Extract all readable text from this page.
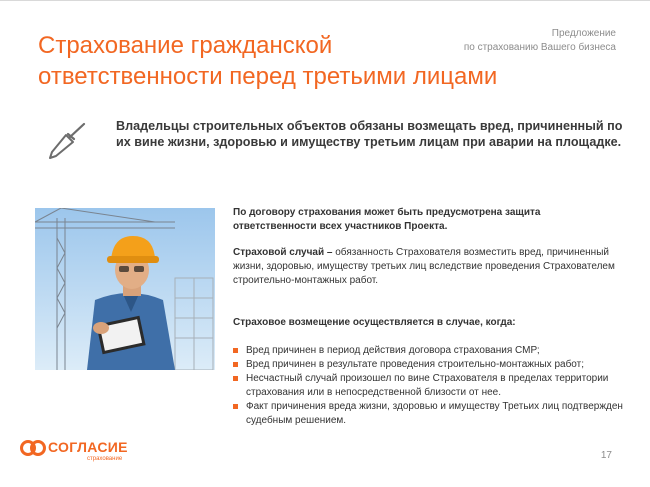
Страхование гражданской
ответственности перед третьими лицами
Предложение
по страхованию Вашего бизнеса
Владельцы строительных объектов обязаны возмещать вред, причиненный по их вине жизни, здоровью и имуществу третьим лицам при аварии на площадке.

По договору страхования может быть предусмотрена защита ответственности всех участников Проекта.

Страховой случай – обязанность Страхователя возместить вред, причиненный жизни, здоровью, имуществу третьих лиц вследствие проведения Страхователем строительно-монтажных работ.

Страховое возмещение осуществляется в случае, когда:

Вред причинен в период действия договора страхования СМР;
Вред причинен в результате проведения строительно-монтажных работ;
Несчастный случай произошел по вине Страхователя в пределах территории страхования или в непосредственной близости от нее.
Факт причинения вреда жизни, здоровью и имуществу Третьих лиц подтвержден судебным решением.
СОГЛАСИЕ
страхование	17
